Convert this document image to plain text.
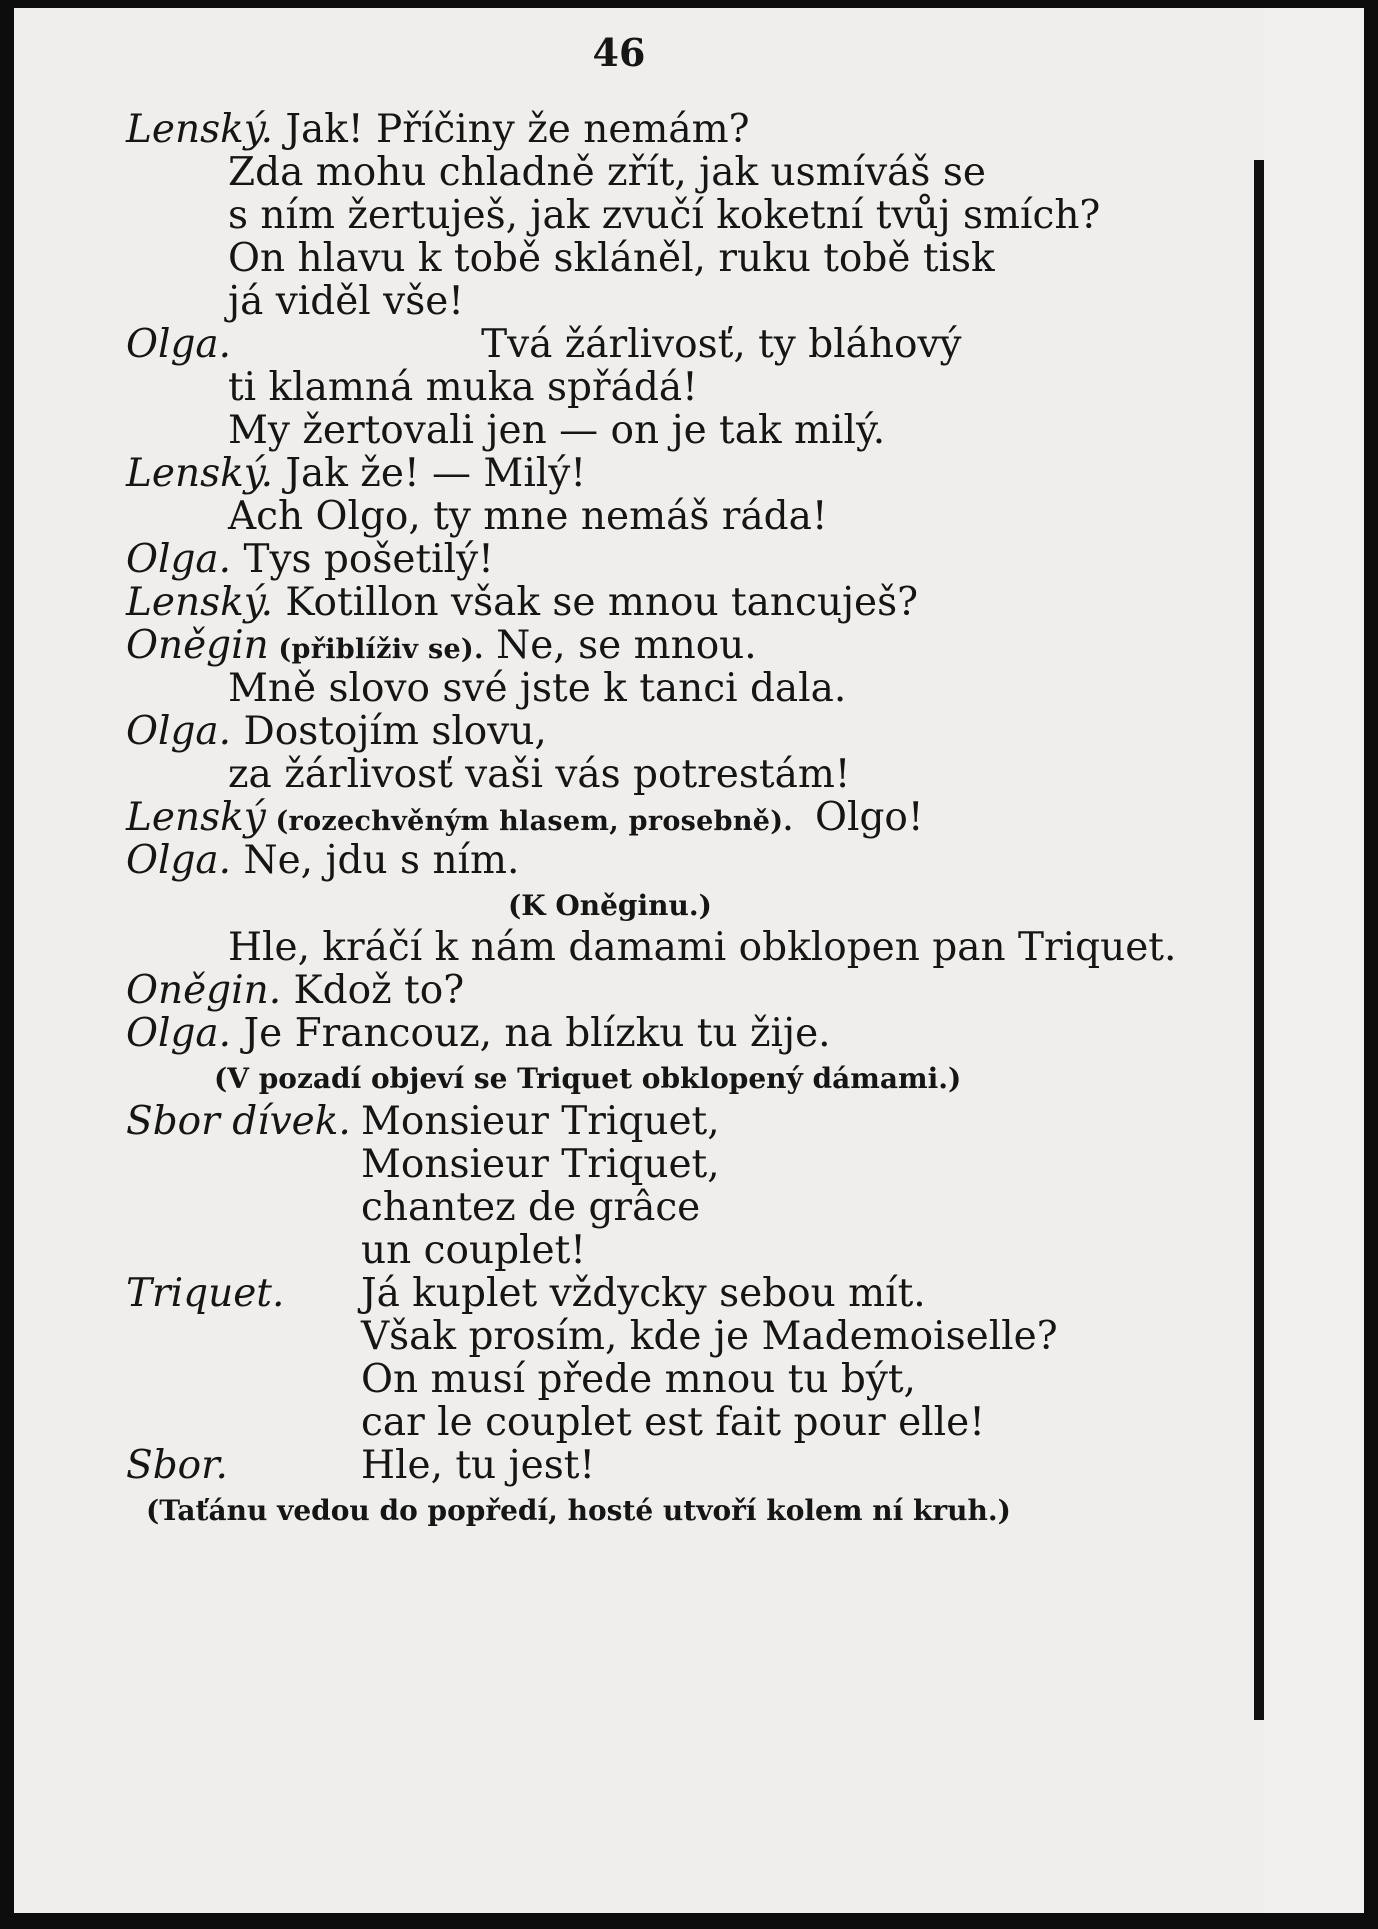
46
Lenský. Jak! Příčiny že nemám?
Zda mohu chladně zřít, jak usmíváš se
s ním žertuješ, jak zvučí koketní tvůj smích?
On hlavu k tobě skláněl, ruku tobě tisk
já viděl vše!
Olga.	Tvá žárlivosť, ty bláhový
ti klamná muka spřádá!
My žertovali jen — on je tak milý.
Lenský. Jak že! — Milý!
Ach Olgo, ty mne nemáš ráda!
Olga. Tys pošetilý!
Lenský. Kotillon však se mnou tancuješ?
Oněgin (přiblíživ se). Ne, se mnou.
Mně slovo své jste k tanci dala.
Olga. Dostojím slovu,
za žárlivosť vaši vás potrestám!
Lenský (rozechvěným hlasem, prosebně). Olgo!
Olga. Ne, jdu s ním.
(K Oněginu.)
Hle, kráčí k nám damami obklopen pan Triquet.
Oněgin. Kdož to?
Olga. Je Francouz, na blízku tu žije.
(V pozadí objeví se Triquet obklopený dámami.)
Sbor dívek. Monsieur Triquet,
Monsieur Triquet,
chantez de grâce
un couplet!
Triquet. Já kuplet vždycky sebou mít.
Však prosím, kde je Mademoiselle?
On musí přede mnou tu být,
car le couplet est fait pour elle!
Sbor.	Hle, tu jest!
(Taťánu vedou do popředí, hosté utvoří kolem ní kruh.)
